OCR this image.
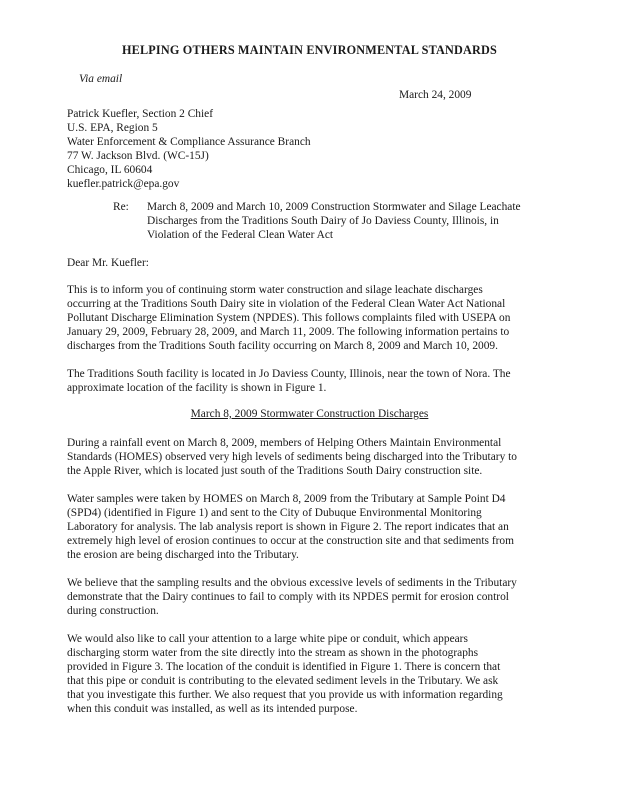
HELPING OTHERS MAINTAIN ENVIRONMENTAL STANDARDS
Via email
March 24, 2009
Patrick Kuefler, Section 2 Chief
U.S. EPA, Region 5
Water Enforcement & Compliance Assurance Branch
77 W. Jackson Blvd. (WC-15J)
Chicago, IL 60604
kuefler.patrick@epa.gov
Re: March 8, 2009 and March 10, 2009 Construction Stormwater and Silage Leachate
Discharges from the Traditions South Dairy of Jo Daviess County, Illinois, in
Violation of the Federal Clean Water Act
Dear Mr. Kuefler:
This is to inform you of continuing storm water construction and silage leachate discharges
occurring at the Traditions South Dairy site in violation of the Federal Clean Water Act National
Pollutant Discharge Elimination System (NPDES). This follows complaints filed with USEPA on
January 29, 2009, February 28, 2009, and March 11, 2009. The following information pertains to
discharges from the Traditions South facility occurring on March 8, 2009 and March 10, 2009.
The Traditions South facility is located in Jo Daviess County, Illinois, near the town of Nora. The
approximate location of the facility is shown in Figure 1.
March 8, 2009 Stormwater Construction Discharges
During a rainfall event on March 8, 2009, members of Helping Others Maintain Environmental
Standards (HOMES) observed very high levels of sediments being discharged into the Tributary to
the Apple River, which is located just south of the Traditions South Dairy construction site.
Water samples were taken by HOMES on March 8, 2009 from the Tributary at Sample Point D4
(SPD4) (identified in Figure 1) and sent to the City of Dubuque Environmental Monitoring
Laboratory for analysis. The lab analysis report is shown in Figure 2. The report indicates that an
extremely high level of erosion continues to occur at the construction site and that sediments from
the erosion are being discharged into the Tributary.
We believe that the sampling results and the obvious excessive levels of sediments in the Tributary
demonstrate that the Dairy continues to fail to comply with its NPDES permit for erosion control
during construction.
We would also like to call your attention to a large white pipe or conduit, which appears
discharging storm water from the site directly into the stream as shown in the photographs
provided in Figure 3. The location of the conduit is identified in Figure 1. There is concern that
that this pipe or conduit is contributing to the elevated sediment levels in the Tributary. We ask
that you investigate this further. We also request that you provide us with information regarding
when this conduit was installed, as well as its intended purpose.
